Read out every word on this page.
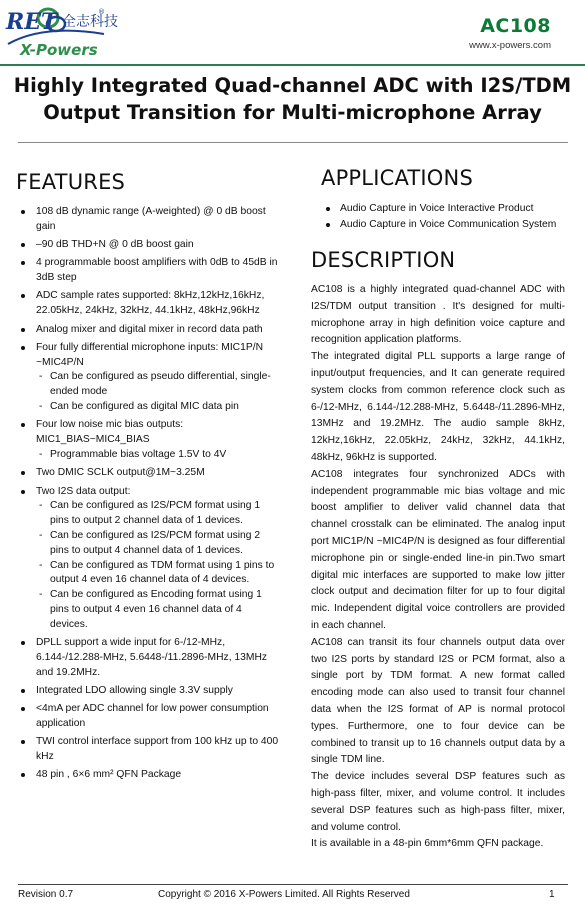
RET 全志科技
®
X-Powers
AC108
www.x-powers.com
Highly Integrated Quad-channel ADC with I2S/TDM
Output Transition for Multi-microphone Array
FEATURES
108 dB dynamic range (A-weighted) @ 0 dB boost gain
–90 dB THD+N @ 0 dB boost gain
4 programmable boost amplifiers with 0dB to 45dB in 3dB step
ADC sample rates supported: 8kHz,12kHz,16kHz, 22.05kHz, 24kHz, 32kHz, 44.1kHz, 48kHz,96kHz
Analog mixer and digital mixer in record data path
Four fully differential microphone inputs: MIC1P/N ~MIC4P/N
- Can be configured as pseudo differential, single-ended mode
- Can be configured as digital MIC data pin
Four low noise mic bias outputs: MIC1_BIAS~MIC4_BIAS
- Programmable bias voltage 1.5V to 4V
Two DMIC SCLK output@1M~3.25M
Two I2S data output:
- Can be configured as I2S/PCM format using 1 pins to output 2 channel data of 1 devices.
- Can be configured as I2S/PCM format using 2 pins to output 4 channel data of 1 devices.
- Can be configured as TDM format using 1 pins to output 4 even 16 channel data of 4 devices.
- Can be configured as Encoding format using 1 pins to output 4 even 16 channel data of 4 devices.
DPLL support a wide input for 6-/12-MHz, 6.144-/12.288-MHz, 5.6448-/11.2896-MHz, 13MHz and 19.2MHz.
Integrated LDO allowing single 3.3V supply
<4mA per ADC channel for low power consumption application
TWI control interface support from 100 kHz up to 400 kHz
48 pin , 6×6 mm² QFN Package
APPLICATIONS
Audio Capture in Voice Interactive Product
Audio Capture in Voice Communication System
DESCRIPTION

AC108 is a highly integrated quad-channel ADC with I2S/TDM output transition . It's designed for multi-microphone array in high definition voice capture and recognition application platforms.

The integrated digital PLL supports a large range of input/output frequencies, and It can generate required system clocks from common reference clock such as 6-/12-MHz, 6.144-/12.288-MHz, 5.6448-/11.2896-MHz, 13MHz and 19.2MHz. The audio sample 8kHz, 12kHz,16kHz, 22.05kHz, 24kHz, 32kHz, 44.1kHz, 48kHz, 96kHz is supported.

AC108 integrates four synchronized ADCs with independent programmable mic bias voltage and mic boost amplifier to deliver valid channel data that channel crosstalk can be eliminated. The analog input port MIC1P/N ~MIC4P/N is designed as four differential microphone pin or single-ended line-in pin.Two smart digital mic interfaces are supported to make low jitter clock output and decimation filter for up to four digital mic. Independent digital voice controllers are provided in each channel.

AC108 can transit its four channels output data over two I2S ports by standard I2S or PCM format, also a single port by TDM format. A new format called encoding mode can also used to transit four channel data when the I2S format of AP is normal protocol types. Furthermore, one to four device can be combined to transit up to 16 channels output data by a single TDM line.

The device includes several DSP features such as high-pass filter, mixer, and volume control. It includes several DSP features such as high-pass filter, mixer, and volume control.

It is available in a 48-pin 6mm*6mm QFN package.

Revision 0.7	Copyright © 2016 X-Powers Limited. All Rights Reserved	1
